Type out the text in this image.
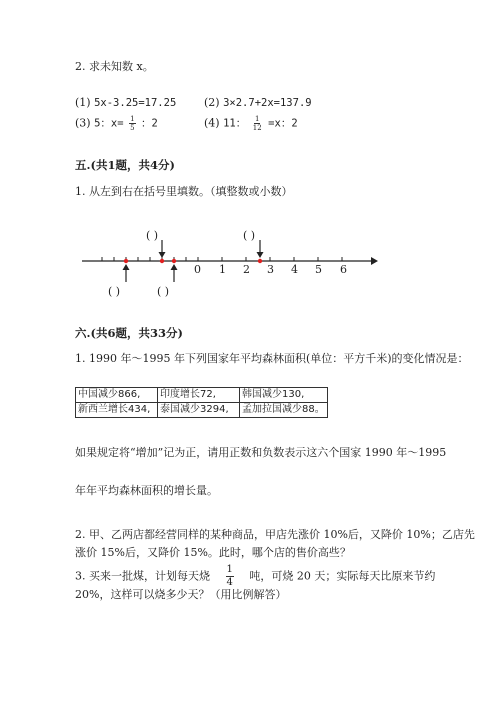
2. 求未知数 x。
(1) 5x-3.25=17.25	(2) 3×2.7+2x=137.9
(3) 5：$x= \frac{1}{5}$ ：2	(4) 11： $\frac{1}{12} =x$：2
五.(共1题，共4分)
1. 从左到右在括号里填数。（填整数或小数）
0 1 2 3 4 5 6
( )	( )
( )	( )
六.(共6题，共33分)
1. 1990 年～1995 年下列国家年平均森林面积(单位：平方千米)的变化情况是：
中国减少866,	印度增长72,	韩国减少130,
新西兰增长434,	泰国减少3294,	孟加拉国减少88。
如果规定将“增加”记为正，请用正数和负数表示这六个国家 1990 年～1995
年年平均森林面积的增长量。
2. 甲、乙两店都经营同样的某种商品，甲店先涨价 10%后，又降价 10%；乙店先
涨价 15%后，又降价 15%。此时，哪个店的售价高些？
3. 买来一批煤，计划每天烧 $\frac{1}{4}$ 吨，可烧 20 天；实际每天比原来节约
20%，这样可以烧多少天？（用比例解答）
